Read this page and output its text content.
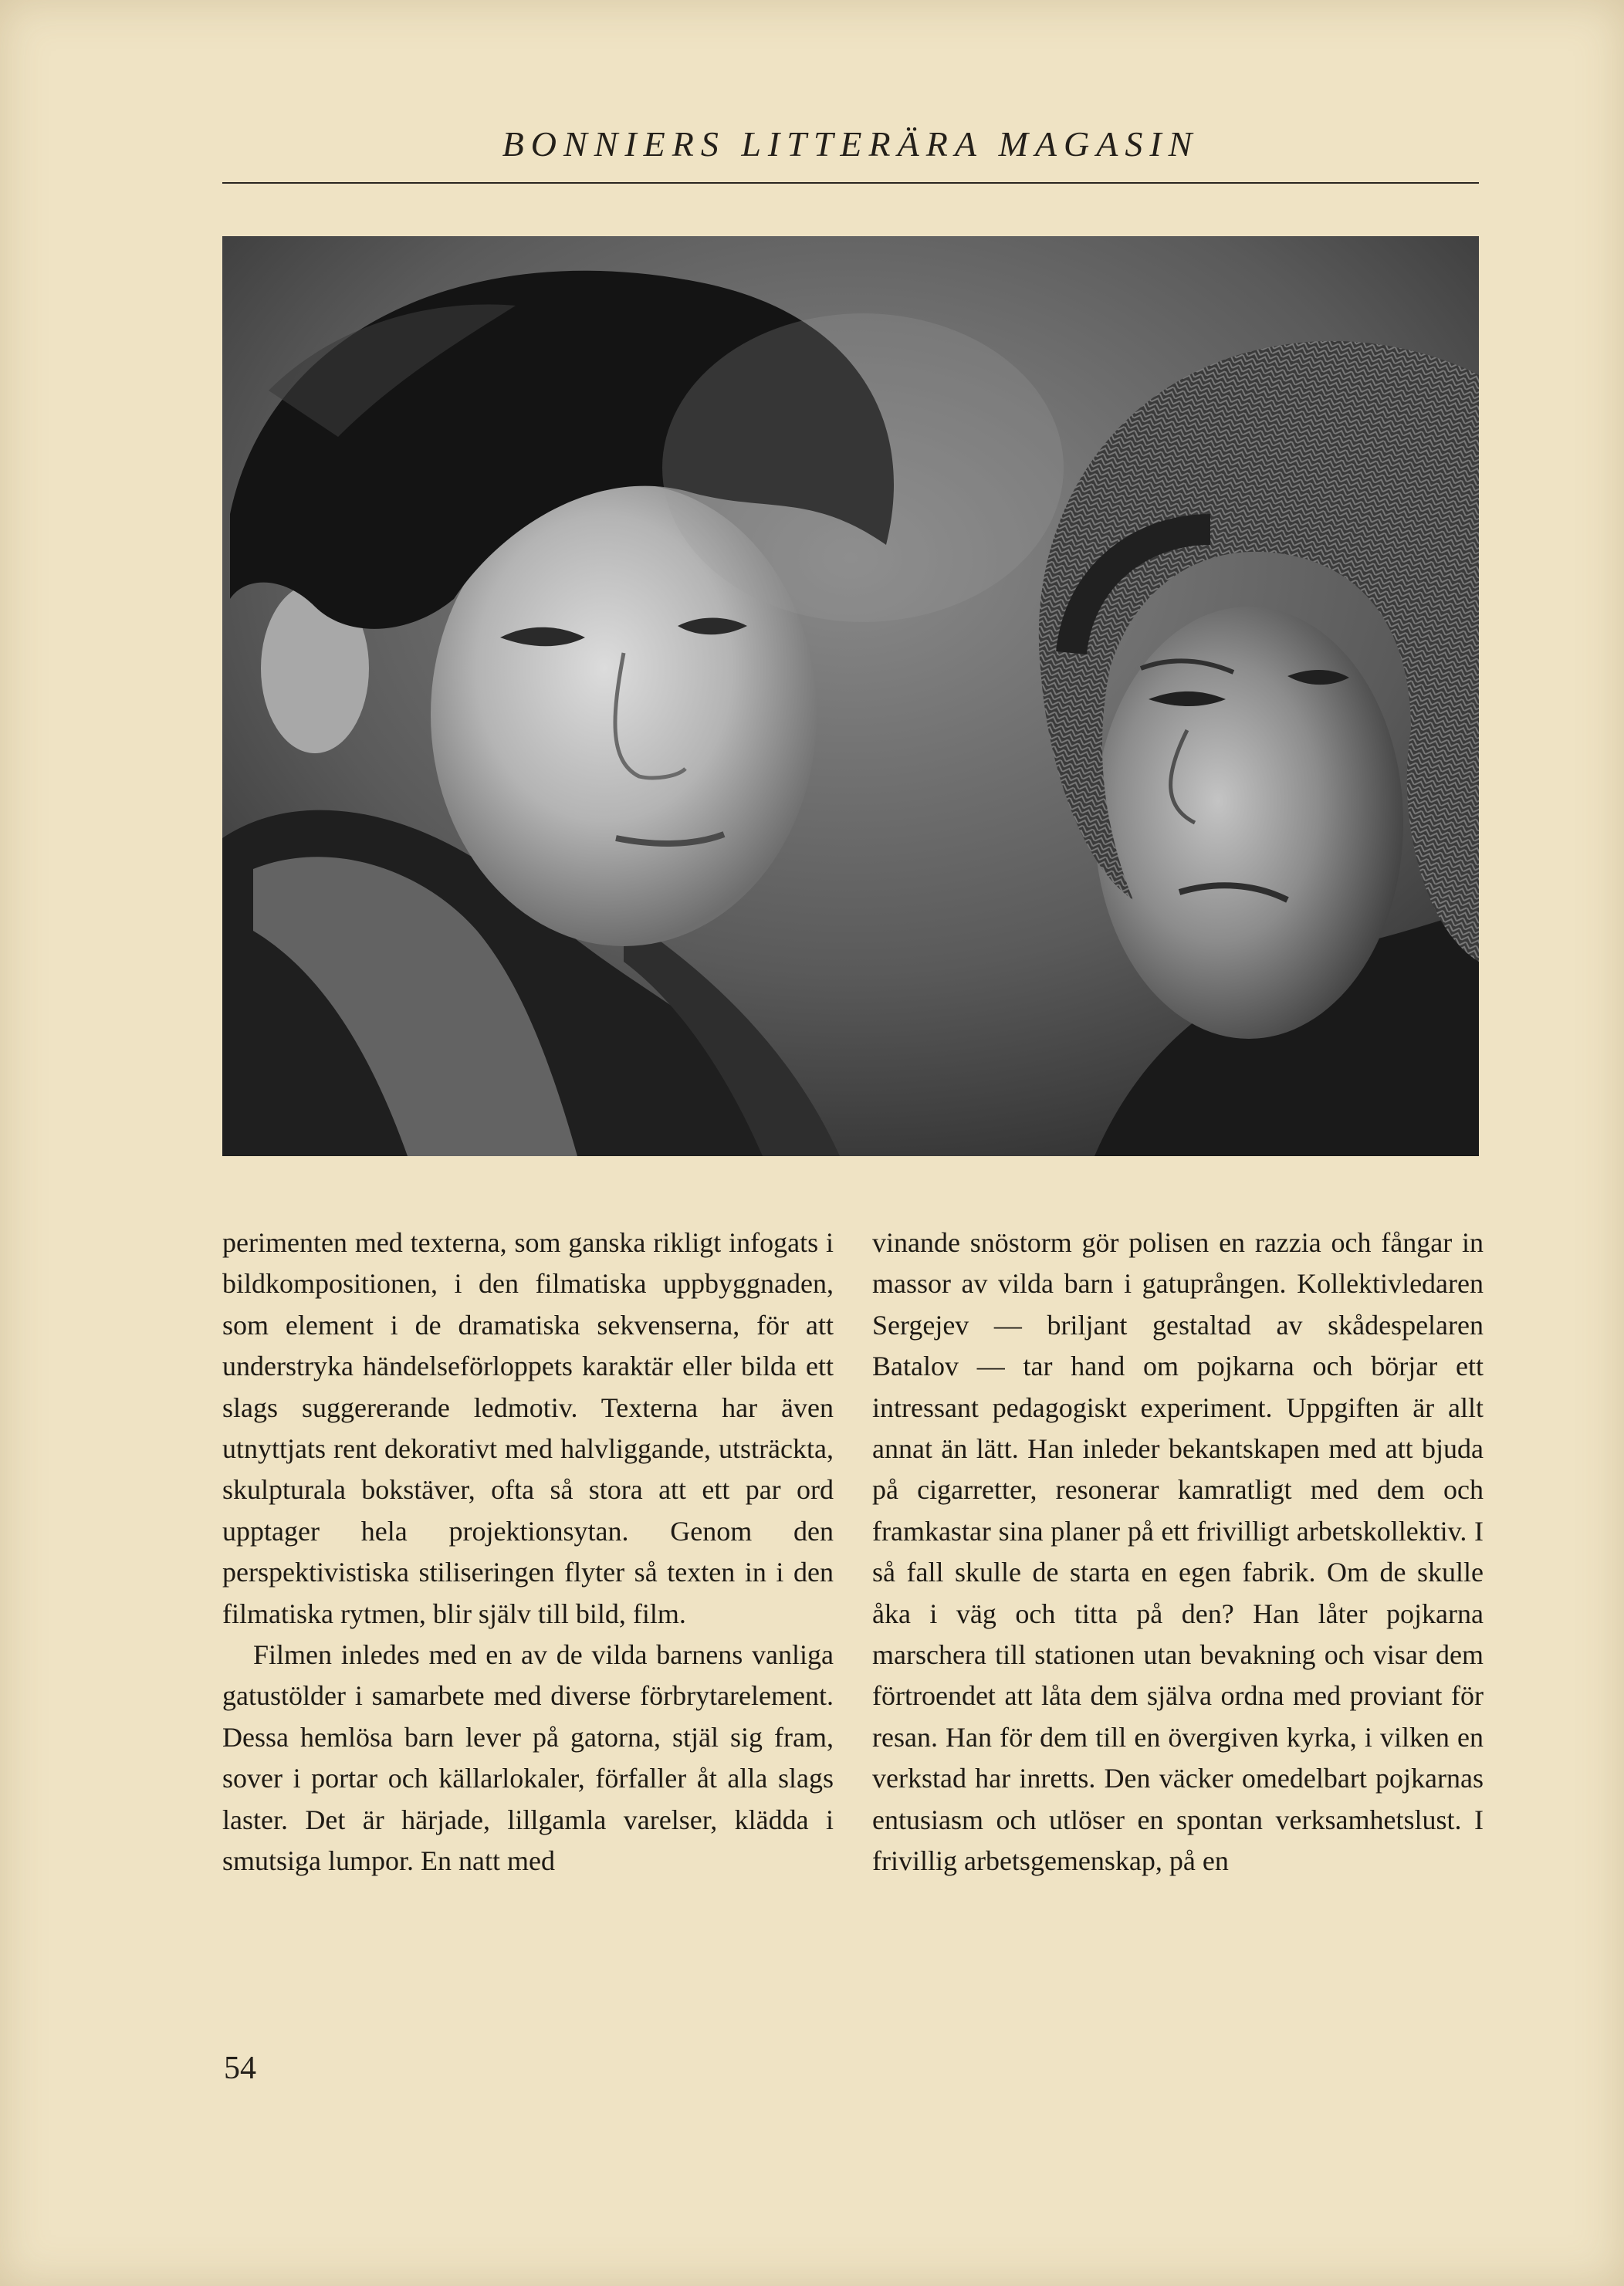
BONNIERS LITTERÄRA MAGASIN

perimenten med texterna, som ganska rikligt infogats i bildkompositionen, i den filmatiska uppbyggnaden, som element i de dramatiska sekvenserna, för att understryka händelseförloppets karaktär eller bilda ett slags suggererande ledmotiv. Texterna har även utnyttjats rent dekorativt med halvliggande, utsträckta, skulpturala bokstäver, ofta så stora att ett par ord upptager hela projektionsytan. Genom den perspektivistiska stiliseringen flyter så texten in i den filmatiska rytmen, blir själv till bild, film.

Filmen inledes med en av de vilda barnens vanliga gatustölder i samarbete med diverse förbrytarelement. Dessa hemlösa barn lever på gatorna, stjäl sig fram, sover i portar och källarlokaler, förfaller åt alla slags laster. Det är härjade, lillgamla varelser, klädda i smutsiga lumpor. En natt med

vinande snöstorm gör polisen en razzia och fångar in massor av vilda barn i gatuprången. Kollektivledaren Sergejev — briljant gestaltad av skådespelaren Batalov — tar hand om pojkarna och börjar ett intressant pedagogiskt experiment. Uppgiften är allt annat än lätt. Han inleder bekantskapen med att bjuda på cigarretter, resonerar kamratligt med dem och framkastar sina planer på ett frivilligt arbetskollektiv. I så fall skulle de starta en egen fabrik. Om de skulle åka i väg och titta på den? Han låter pojkarna marschera till stationen utan bevakning och visar dem förtroendet att låta dem själva ordna med proviant för resan. Han för dem till en övergiven kyrka, i vilken en verkstad har inretts. Den väcker omedelbart pojkarnas entusiasm och utlöser en spontan verksamhetslust. I frivillig arbetsgemenskap, på en

54
